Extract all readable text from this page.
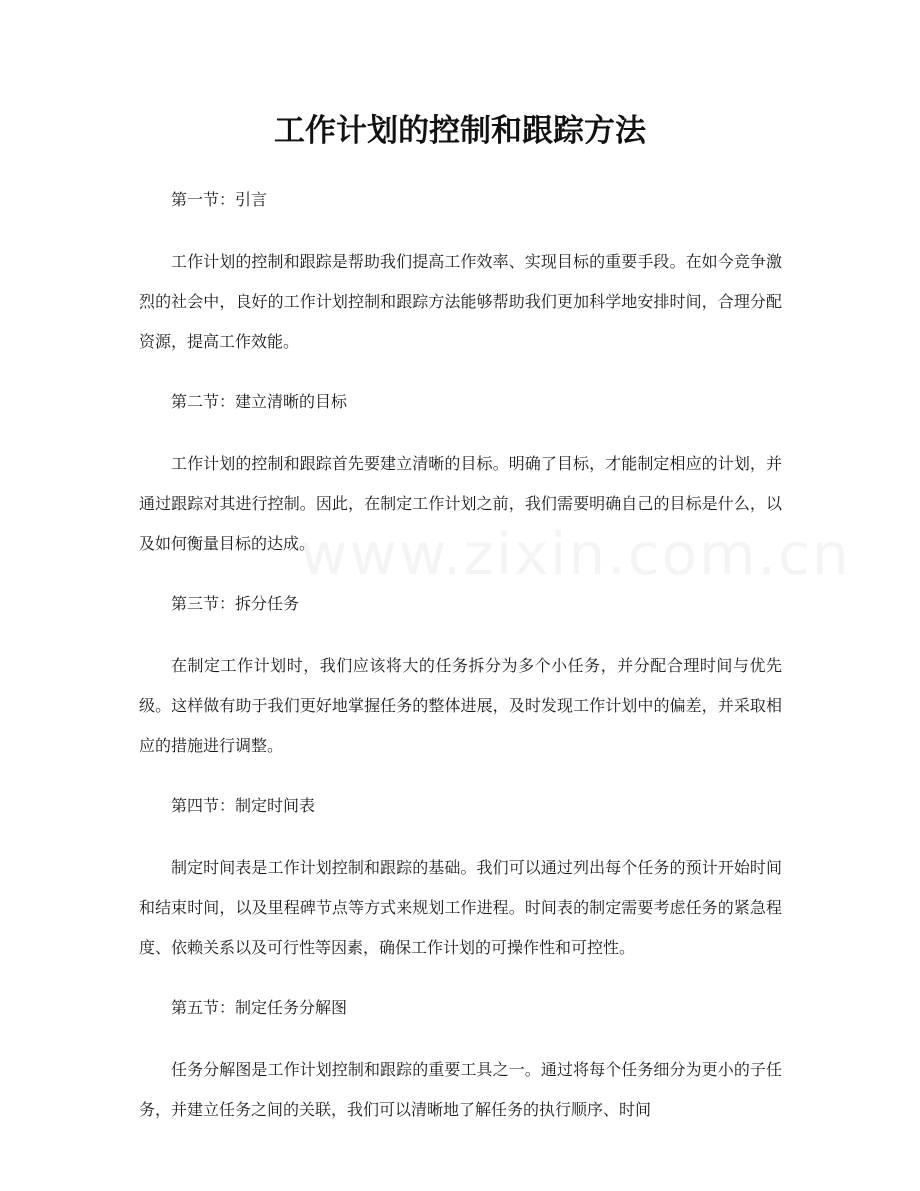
工作计划的控制和跟踪方法

第一节：引言

工作计划的控制和跟踪是帮助我们提高工作效率、实现目标的重要手段。在如今竞争激烈的社会中，良好的工作计划控制和跟踪方法能够帮助我们更加科学地安排时间，合理分配资源，提高工作效能。

第二节：建立清晰的目标

工作计划的控制和跟踪首先要建立清晰的目标。明确了目标，才能制定相应的计划，并通过跟踪对其进行控制。因此，在制定工作计划之前，我们需要明确自己的目标是什么，以及如何衡量目标的达成。

第三节：拆分任务

在制定工作计划时，我们应该将大的任务拆分为多个小任务，并分配合理时间与优先级。这样做有助于我们更好地掌握任务的整体进展，及时发现工作计划中的偏差，并采取相应的措施进行调整。

第四节：制定时间表

制定时间表是工作计划控制和跟踪的基础。我们可以通过列出每个任务的预计开始时间和结束时间，以及里程碑节点等方式来规划工作进程。时间表的制定需要考虑任务的紧急程度、依赖关系以及可行性等因素，确保工作计划的可操作性和可控性。

第五节：制定任务分解图

任务分解图是工作计划控制和跟踪的重要工具之一。通过将每个任务细分为更小的子任务，并建立任务之间的关联，我们可以清晰地了解任务的执行顺序、时间
